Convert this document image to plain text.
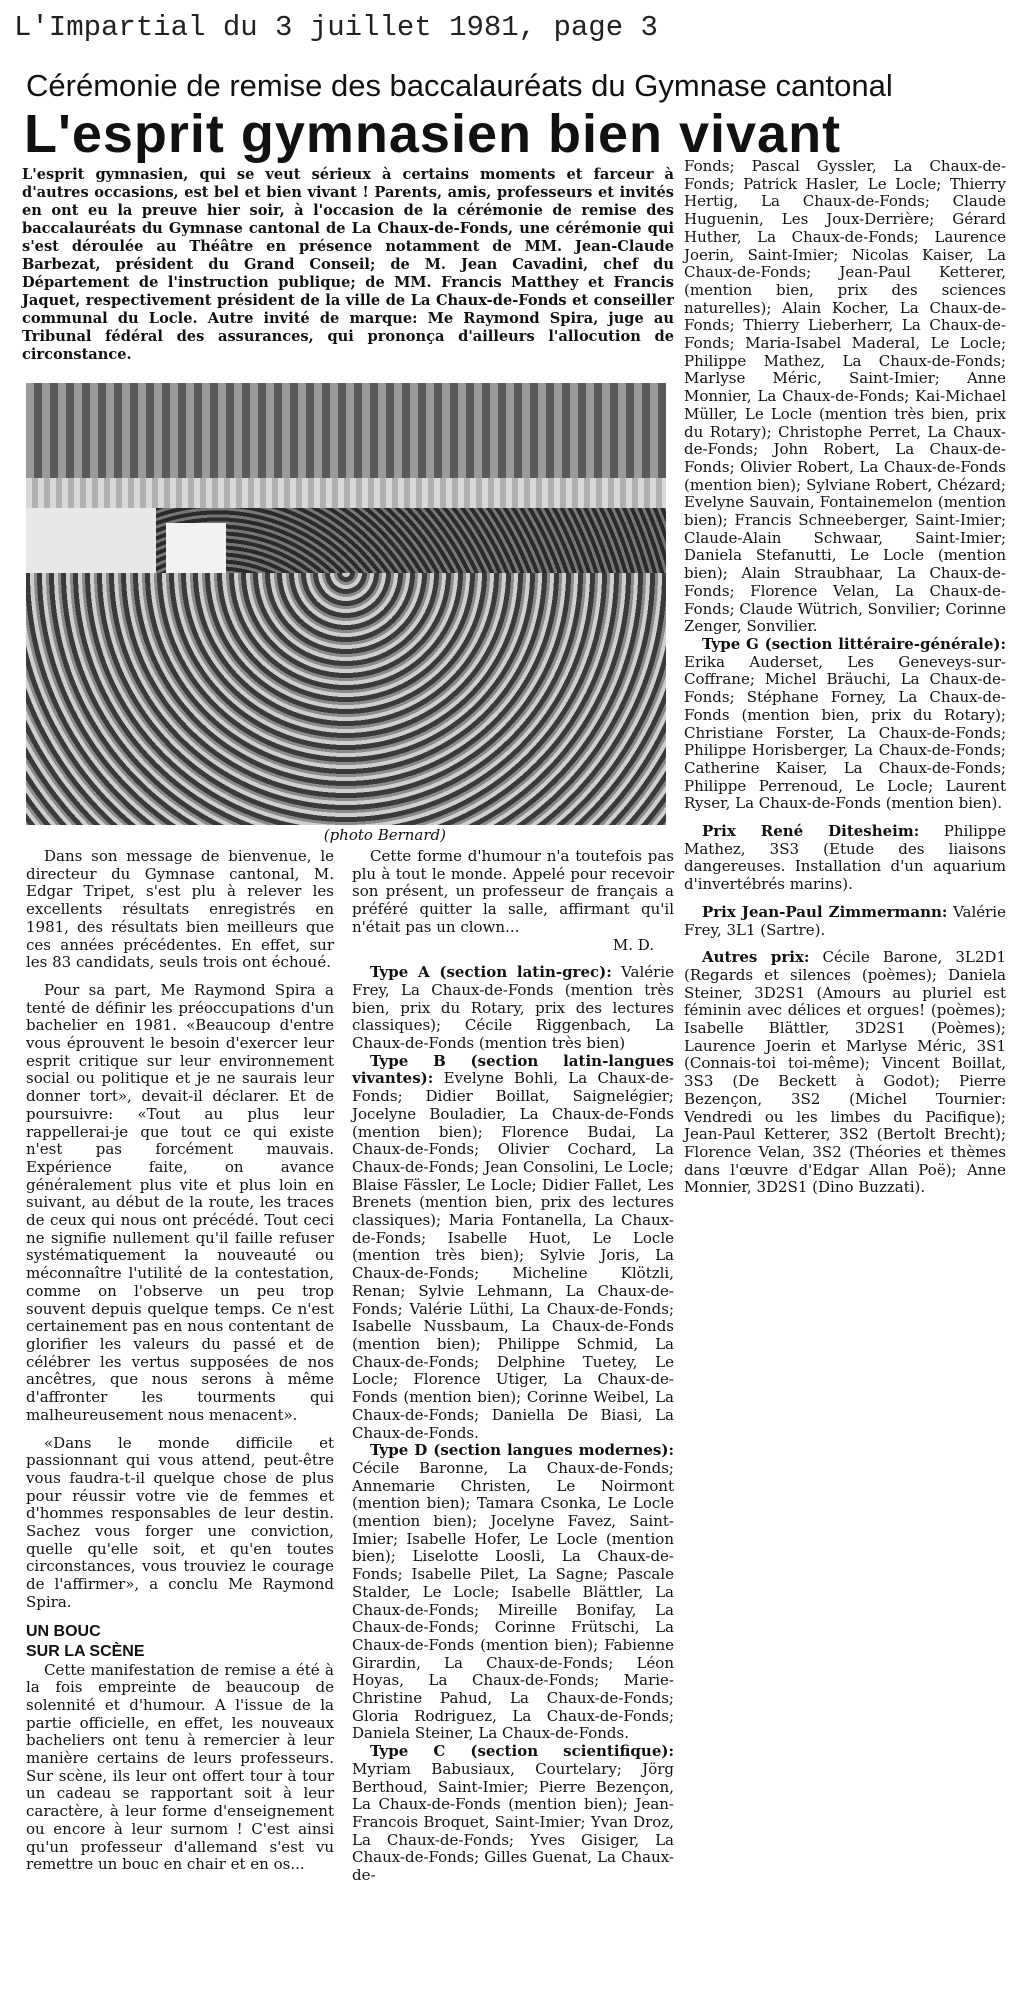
L'Impartial du 3 juillet 1981, page 3
Cérémonie de remise des baccalauréats du Gymnase cantonal
L'esprit gymnasien bien vivant
L'esprit gymnasien, qui se veut sérieux à certains moments et farceur à d'autres occasions, est bel et bien vivant ! Parents, amis, professeurs et invités en ont eu la preuve hier soir, à l'occasion de la cérémonie de remise des baccalauréats du Gymnase cantonal de La Chaux-de-Fonds, une cérémonie qui s'est déroulée au Théâtre en présence notamment de MM. Jean-Claude Barbezat, président du Grand Conseil; de M. Jean Cavadini, chef du Département de l'instruction publique; de MM. Francis Matthey et Francis Jaquet, respectivement président de la ville de La Chaux-de-Fonds et conseiller communal du Locle. Autre invité de marque: Me Raymond Spira, juge au Tribunal fédéral des assurances, qui prononça d'ailleurs l'allocution de circonstance.
(photo Bernard)

Dans son message de bienvenue, le directeur du Gymnase cantonal, M. Edgar Tripet, s'est plu à relever les excellents résultats enregistrés en 1981, des résultats bien meilleurs que ces années précédentes. En effet, sur les 83 candidats, seuls trois ont échoué.

Pour sa part, Me Raymond Spira a tenté de définir les préoccupations d'un bachelier en 1981. «Beaucoup d'entre vous éprouvent le besoin d'exercer leur esprit critique sur leur environnement social ou politique et je ne saurais leur donner tort», devait-il déclarer. Et de poursuivre: «Tout au plus leur rappellerai-je que tout ce qui existe n'est pas forcément mauvais. Expérience faite, on avance généralement plus vite et plus loin en suivant, au début de la route, les traces de ceux qui nous ont précédé. Tout ceci ne signifie nullement qu'il faille refuser systématiquement la nouveauté ou méconnaître l'utilité de la contestation, comme on l'observe un peu trop souvent depuis quelque temps. Ce n'est certainement pas en nous contentant de glorifier les valeurs du passé et de célébrer les vertus supposées de nos ancêtres, que nous serons à même d'affronter les tourments qui malheureusement nous menacent».

«Dans le monde difficile et passionnant qui vous attend, peut-être vous faudra-t-il quelque chose de plus pour réussir votre vie de femmes et d'hommes responsables de leur destin. Sachez vous forger une conviction, quelle qu'elle soit, et qu'en toutes circonstances, vous trouviez le courage de l'affirmer», a conclu Me Raymond Spira.

UN BOUC
SUR LA SCÈNE

Cette manifestation de remise a été à la fois empreinte de beaucoup de solennité et d'humour. A l'issue de la partie officielle, en effet, les nouveaux bacheliers ont tenu à remercier à leur manière certains de leurs professeurs. Sur scène, ils leur ont offert tour à tour un cadeau se rapportant soit à leur caractère, à leur forme d'enseignement ou encore à leur surnom ! C'est ainsi qu'un professeur d'allemand s'est vu remettre un bouc en chair et en os...

Cette forme d'humour n'a toutefois pas plu à tout le monde. Appelé pour recevoir son présent, un professeur de français a préféré quitter la salle, affirmant qu'il n'était pas un clown...

M. D.

Type A (section latin-grec): Valérie Frey, La Chaux-de-Fonds (mention très bien, prix du Rotary, prix des lectures classiques); Cécile Riggenbach, La Chaux-de-Fonds (mention très bien)

Type B (section latin-langues vivantes): Evelyne Bohli, La Chaux-de-Fonds; Didier Boillat, Saignelégier; Jocelyne Bouladier, La Chaux-de-Fonds (mention bien); Florence Budai, La Chaux-de-Fonds; Olivier Cochard, La Chaux-de-Fonds; Jean Consolini, Le Locle; Blaise Fässler, Le Locle; Didier Fallet, Les Brenets (mention bien, prix des lectures classiques); Maria Fontanella, La Chaux-de-Fonds; Isabelle Huot, Le Locle (mention très bien); Sylvie Joris, La Chaux-de-Fonds; Micheline Klötzli, Renan; Sylvie Lehmann, La Chaux-de-Fonds; Valérie Lüthi, La Chaux-de-Fonds; Isabelle Nussbaum, La Chaux-de-Fonds (mention bien); Philippe Schmid, La Chaux-de-Fonds; Delphine Tuetey, Le Locle; Florence Utiger, La Chaux-de-Fonds (mention bien); Corinne Weibel, La Chaux-de-Fonds; Daniella De Biasi, La Chaux-de-Fonds.

Type D (section langues modernes): Cécile Baronne, La Chaux-de-Fonds; Annemarie Christen, Le Noirmont (mention bien); Tamara Csonka, Le Locle (mention bien); Jocelyne Favez, Saint-Imier; Isabelle Hofer, Le Locle (mention bien); Liselotte Loosli, La Chaux-de-Fonds; Isabelle Pilet, La Sagne; Pascale Stalder, Le Locle; Isabelle Blättler, La Chaux-de-Fonds; Mireille Bonifay, La Chaux-de-Fonds; Corinne Frütschi, La Chaux-de-Fonds (mention bien); Fabienne Girardin, La Chaux-de-Fonds; Léon Hoyas, La Chaux-de-Fonds; Marie-Christine Pahud, La Chaux-de-Fonds; Gloria Rodriguez, La Chaux-de-Fonds; Daniela Steiner, La Chaux-de-Fonds.

Type C (section scientifique): Myriam Babusiaux, Courtelary; Jörg Berthoud, Saint-Imier; Pierre Bezençon, La Chaux-de-Fonds (mention bien); Jean-Francois Broquet, Saint-Imier; Yvan Droz, La Chaux-de-Fonds; Yves Gisiger, La Chaux-de-Fonds; Gilles Guenat, La Chaux-de-

Fonds; Pascal Gyssler, La Chaux-de-Fonds; Patrick Hasler, Le Locle; Thierry Hertig, La Chaux-de-Fonds; Claude Huguenin, Les Joux-Derrière; Gérard Huther, La Chaux-de-Fonds; Laurence Joerin, Saint-Imier; Nicolas Kaiser, La Chaux-de-Fonds; Jean-Paul Ketterer, (mention bien, prix des sciences naturelles); Alain Kocher, La Chaux-de-Fonds; Thierry Lieberherr, La Chaux-de-Fonds; Maria-Isabel Maderal, Le Locle; Philippe Mathez, La Chaux-de-Fonds; Marlyse Méric, Saint-Imier; Anne Monnier, La Chaux-de-Fonds; Kai-Michael Müller, Le Locle (mention très bien, prix du Rotary); Christophe Perret, La Chaux-de-Fonds; John Robert, La Chaux-de-Fonds; Olivier Robert, La Chaux-de-Fonds (mention bien); Sylviane Robert, Chézard; Evelyne Sauvain, Fontainemelon (mention bien); Francis Schneeberger, Saint-Imier; Claude-Alain Schwaar, Saint-Imier; Daniela Stefanutti, Le Locle (mention bien); Alain Straubhaar, La Chaux-de-Fonds; Florence Velan, La Chaux-de-Fonds; Claude Wütrich, Sonvilier; Corinne Zenger, Sonvilier.

Type G (section littéraire-générale): Erika Auderset, Les Geneveys-sur-Coffrane; Michel Bräuchi, La Chaux-de-Fonds; Stéphane Forney, La Chaux-de-Fonds (mention bien, prix du Rotary); Christiane Forster, La Chaux-de-Fonds; Philippe Horisberger, La Chaux-de-Fonds; Catherine Kaiser, La Chaux-de-Fonds; Philippe Perrenoud, Le Locle; Laurent Ryser, La Chaux-de-Fonds (mention bien).

Prix René Ditesheim: Philippe Mathez, 3S3 (Etude des liaisons dangereuses. Installation d'un aquarium d'invertébrés marins).

Prix Jean-Paul Zimmermann: Valérie Frey, 3L1 (Sartre).

Autres prix: Cécile Barone, 3L2D1 (Regards et silences (poèmes); Daniela Steiner, 3D2S1 (Amours au pluriel est féminin avec délices et orgues! (poèmes); Isabelle Blättler, 3D2S1 (Poèmes); Laurence Joerin et Marlyse Méric, 3S1 (Connais-toi toi-même); Vincent Boillat, 3S3 (De Beckett à Godot); Pierre Bezençon, 3S2 (Michel Tournier: Vendredi ou les limbes du Pacifique); Jean-Paul Ketterer, 3S2 (Bertolt Brecht); Florence Velan, 3S2 (Théories et thèmes dans l'œuvre d'Edgar Allan Poë); Anne Monnier, 3D2S1 (Dino Buzzati).
